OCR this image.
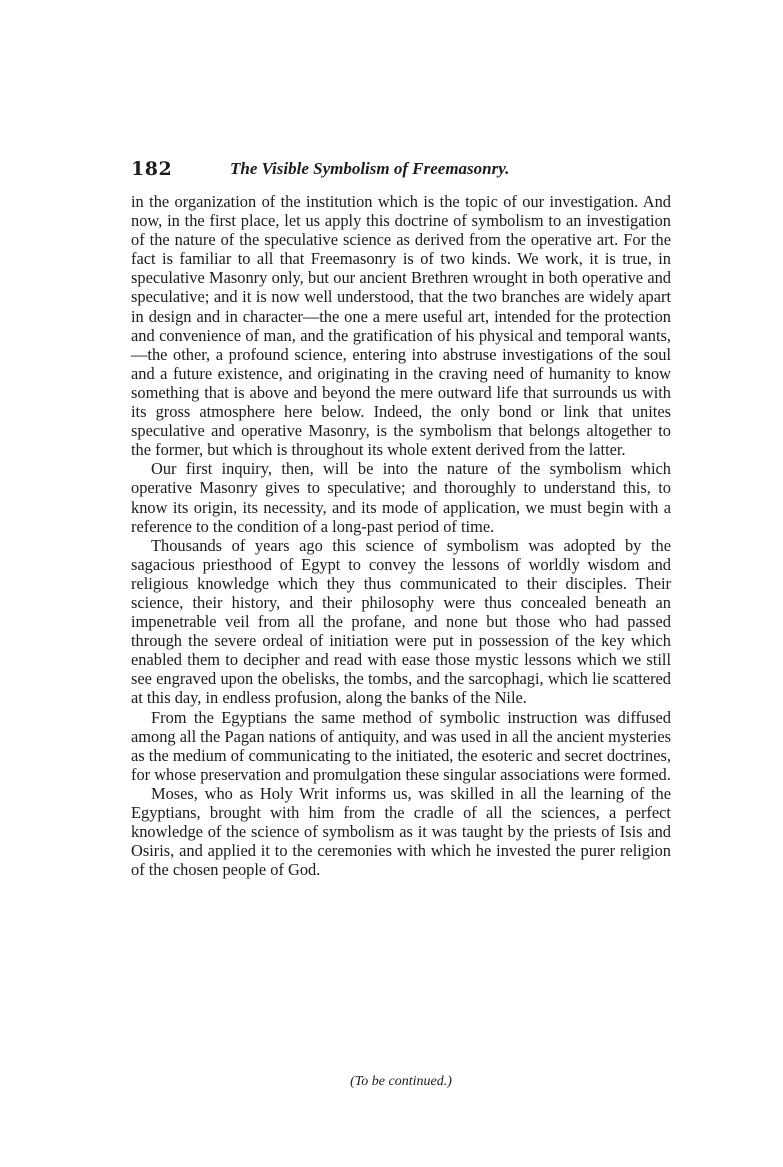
182	The Visible Symbolism of Freemasonry.

in the organization of the institution which is the topic of our investigation. And now, in the first place, let us apply this doctrine of symbolism to an investigation of the nature of the speculative science as derived from the operative art. For the fact is familiar to all that Freemasonry is of two kinds. We work, it is true, in speculative Masonry only, but our ancient Brethren wrought in both operative and speculative; and it is now well understood, that the two branches are widely apart in design and in character—the one a mere useful art, intended for the protection and convenience of man, and the gratification of his physical and temporal wants,—the other, a profound science, entering into abstruse investigations of the soul and a future existence, and originating in the craving need of humanity to know something that is above and beyond the mere outward life that surrounds us with its gross atmosphere here below. Indeed, the only bond or link that unites speculative and operative Masonry, is the symbolism that belongs altogether to the former, but which is throughout its whole extent derived from the latter.

Our first inquiry, then, will be into the nature of the symbolism which operative Masonry gives to speculative; and thoroughly to understand this, to know its origin, its necessity, and its mode of application, we must begin with a reference to the condition of a long-past period of time.

Thousands of years ago this science of symbolism was adopted by the sagacious priesthood of Egypt to convey the lessons of worldly wisdom and religious knowledge which they thus communicated to their disciples. Their science, their history, and their philosophy were thus concealed beneath an impenetrable veil from all the profane, and none but those who had passed through the severe ordeal of initiation were put in possession of the key which enabled them to decipher and read with ease those mystic lessons which we still see engraved upon the obelisks, the tombs, and the sarcophagi, which lie scattered at this day, in endless profusion, along the banks of the Nile.

From the Egyptians the same method of symbolic instruction was diffused among all the Pagan nations of antiquity, and was used in all the ancient mysteries as the medium of communicating to the initiated, the esoteric and secret doctrines, for whose preservation and promulgation these singular associations were formed.

Moses, who as Holy Writ informs us, was skilled in all the learning of the Egyptians, brought with him from the cradle of all the sciences, a perfect knowledge of the science of symbolism as it was taught by the priests of Isis and Osiris, and applied it to the ceremonies with which he invested the purer religion of the chosen people of God.

(To be continued.)
